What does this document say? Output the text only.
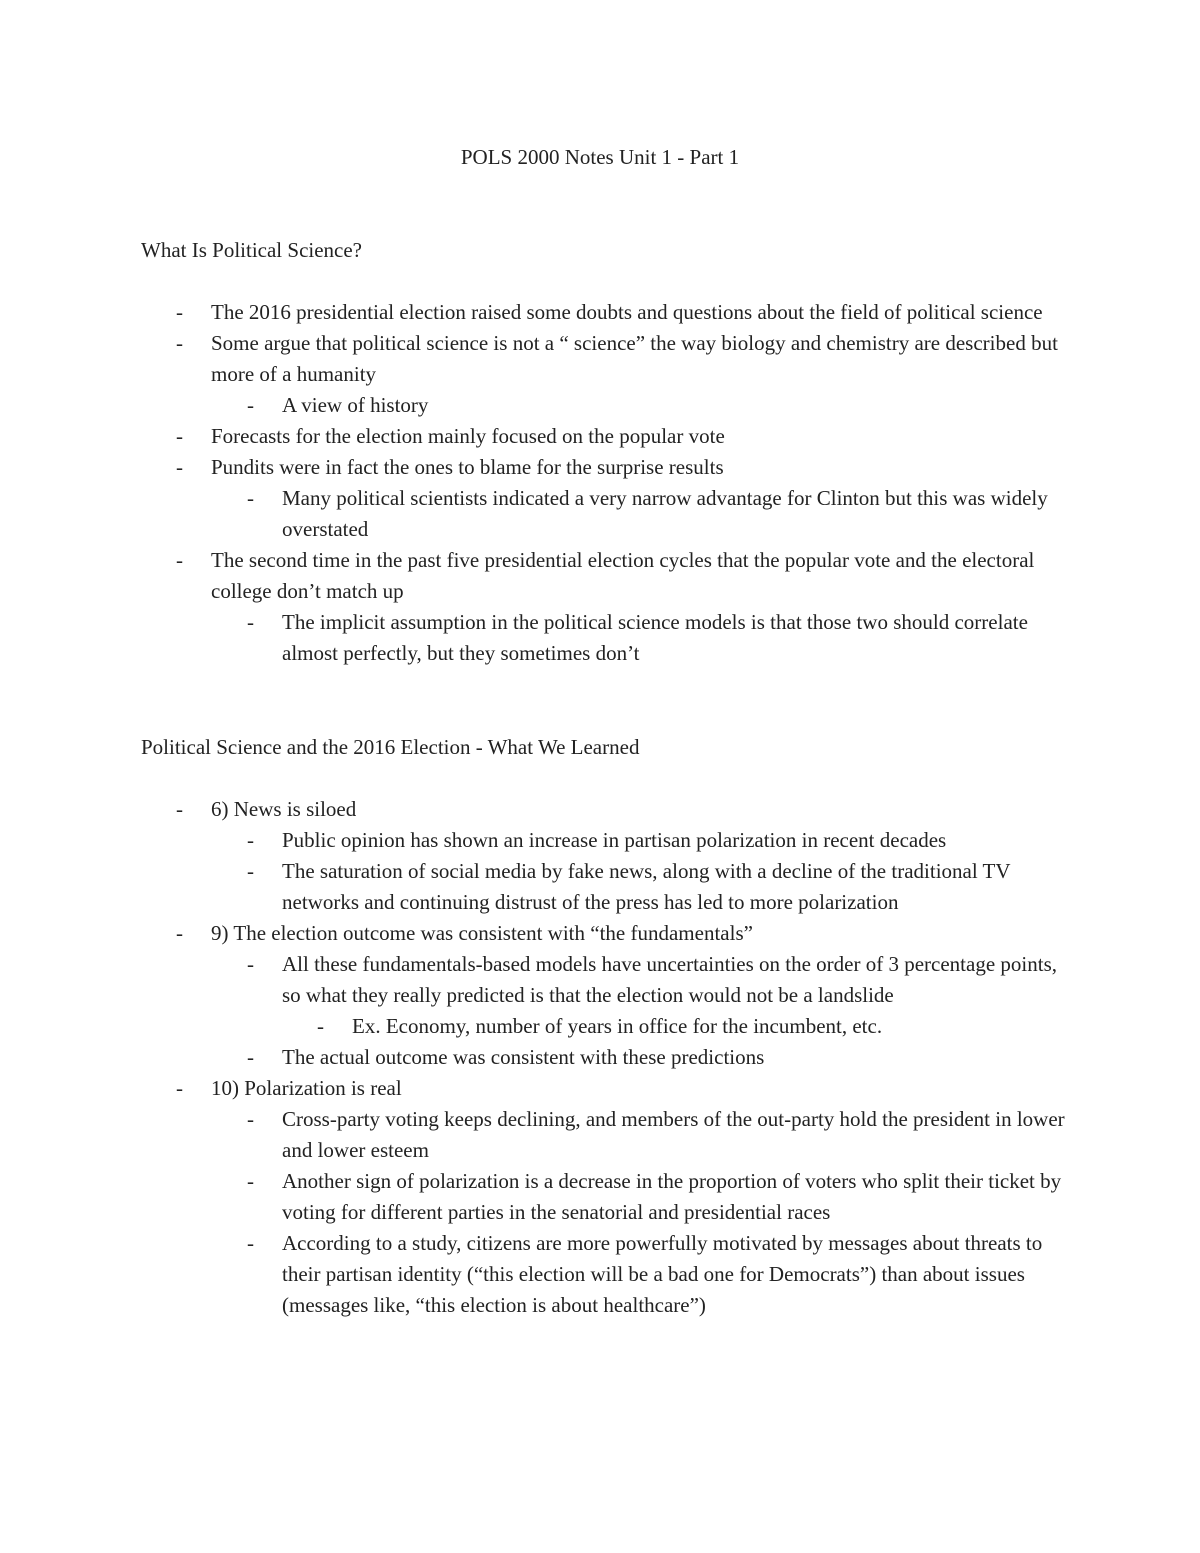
POLS 2000 Notes Unit 1 - Part 1
What Is Political Science?
- The 2016 presidential election raised some doubts and questions about the field of political science
- Some argue that political science is not a “ science” the way biology and chemistry are described but more of a humanity
- A view of history
- Forecasts for the election mainly focused on the popular vote
- Pundits were in fact the ones to blame for the surprise results
- Many political scientists indicated a very narrow advantage for Clinton but this was widely overstated
- The second time in the past five presidential election cycles that the popular vote and the electoral college don’t match up
- The implicit assumption in the political science models is that those two should correlate almost perfectly, but they sometimes don’t
Political Science and the 2016 Election - What We Learned
- 6) News is siloed
- Public opinion has shown an increase in partisan polarization in recent decades
- The saturation of social media by fake news, along with a decline of the traditional TV networks and continuing distrust of the press has led to more polarization
- 9) The election outcome was consistent with “the fundamentals”
- All these fundamentals-based models have uncertainties on the order of 3 percentage points, so what they really predicted is that the election would not be a landslide
- Ex. Economy, number of years in office for the incumbent, etc.
- The actual outcome was consistent with these predictions
- 10) Polarization is real
- Cross-party voting keeps declining, and members of the out-party hold the president in lower and lower esteem
- Another sign of polarization is a decrease in the proportion of voters who split their ticket by voting for different parties in the senatorial and presidential races
- According to a study, citizens are more powerfully motivated by messages about threats to their partisan identity (“this election will be a bad one for Democrats”) than about issues (messages like, “this election is about healthcare”)
